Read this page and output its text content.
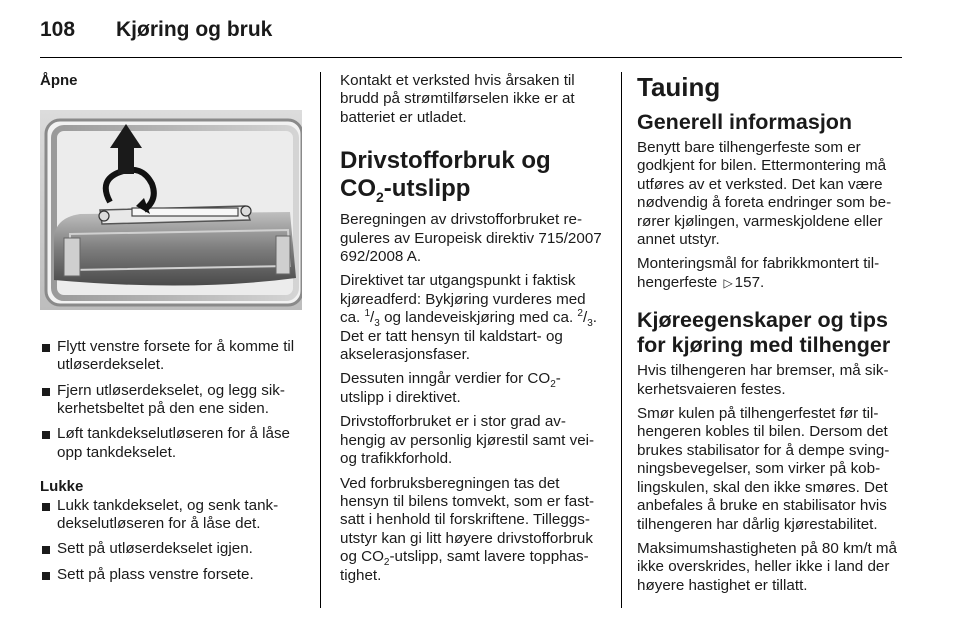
108	Kjøring og bruk
Åpne
Flytt venstre forsete for å komme til utløserdekselet.
Fjern utløserdekselet, og legg sikkerhetsbeltet på den ene siden.
Løft tankdekselutløseren for å låse opp tankdekselet.
Lukke
Lukk tankdekselet, og senk tankdekselutløseren for å låse det.
Sett på utløserdekselet igjen.
Sett på plass venstre forsete.

Kontakt et verksted hvis årsaken til brudd på strømtilførselen ikke er at batteriet er utladet.

Drivstofforbruk og $CO_2$-utslipp

Beregningen av drivstofforbruket reguleres av Europeisk direktiv 715/2007 692/2008 A.

Direktivet tar utgangspunkt i faktisk kjøreadferd: Bykjøring vurderes med ca. $^1/_3$ og landeveiskjøring med ca. $^2/_3$. Det er tatt hensyn til kaldstart- og akselerasjonsfaser.

Dessuten inngår verdier for $CO_2$-utslipp i direktivet.

Drivstofforbruket er i stor grad avhengig av personlig kjørestil samt vei- og trafikkforhold.

Ved forbruksberegningen tas det hensyn til bilens tomvekt, som er fastsatt i henhold til forskriftene. Tilleggsutstyr kan gi litt høyere drivstofforbruk og $CO_2$-utslipp, samt lavere topphastighet.

Tauing
Generell informasjon

Benytt bare tilhengerfeste som er godkjent for bilen. Ettermontering må utføres av et verksted. Det kan være nødvendig å foreta endringer som berører kjølingen, varmeskjoldene eller annet utstyr.

Monteringsmål for fabrikkmontert tilhengerfeste ▷ 157.

Kjøreegenskaper og tips for kjøring med tilhenger

Hvis tilhengeren har bremser, må sikkerhetsvaieren festes.

Smør kulen på tilhengerfestet før tilhengeren kobles til bilen. Dersom det brukes stabilisator for å dempe svingningsbevegelser, som virker på koblingskulen, skal den ikke smøres. Det anbefales å bruke en stabilisator hvis tilhengeren har dårlig kjørestabilitet.

Maksimumshastigheten på 80 km/t må ikke overskrides, heller ikke i land der høyere hastighet er tillatt.
